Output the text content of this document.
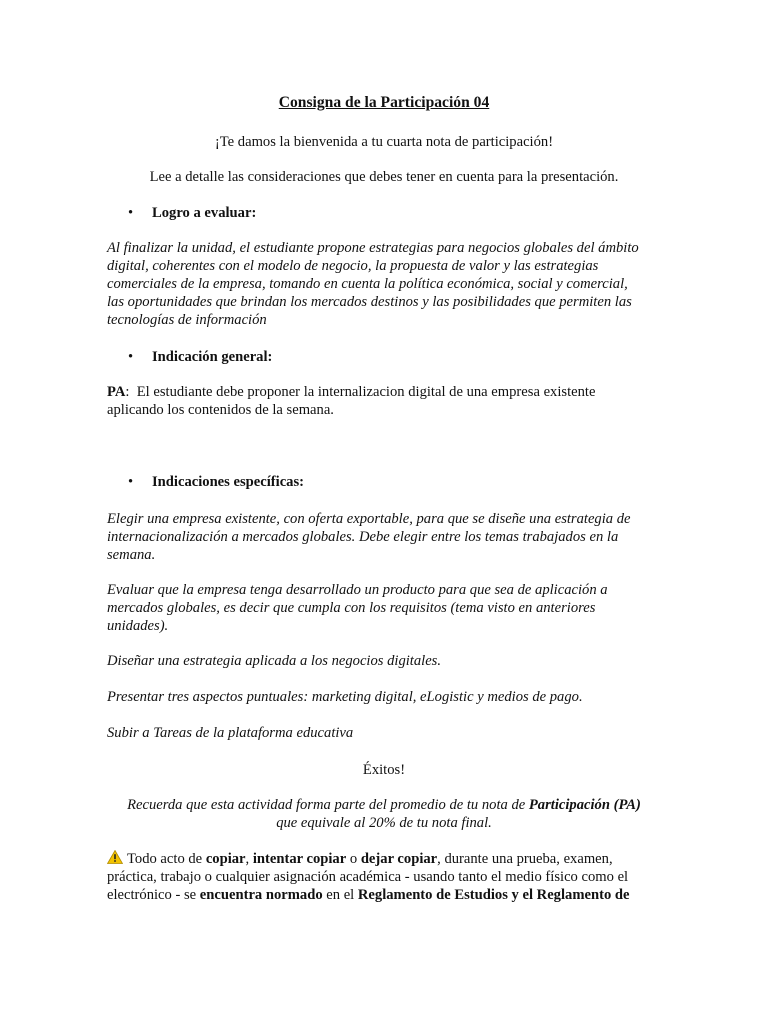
Consigna de la Participación 04

¡Te damos la bienvenida a tu cuarta nota de participación!

Lee a detalle las consideraciones que debes tener en cuenta para la presentación.

• Logro a evaluar:

Al finalizar la unidad, el estudiante propone estrategias para negocios globales del ámbito
digital, coherentes con el modelo de negocio, la propuesta de valor y las estrategias
comerciales de la empresa, tomando en cuenta la política económica, social y comercial,
las oportunidades que brindan los mercados destinos y las posibilidades que permiten las
tecnologías de información

• Indicación general:

PA: El estudiante debe proponer la internalizacion digital de una empresa existente
aplicando los contenidos de la semana.

• Indicaciones específicas:

Elegir una empresa existente, con oferta exportable, para que se diseñe una estrategia de
internacionalización a mercados globales. Debe elegir entre los temas trabajados en la
semana.
Evaluar que la empresa tenga desarrollado un producto para que sea de aplicación a
mercados globales, es decir que cumpla con los requisitos (tema visto en anteriores
unidades).

Diseñar una estrategia aplicada a los negocios digitales.

Presentar tres aspectos puntuales: marketing digital, eLogistic y medios de pago.

Subir a Tareas de la plataforma educativa

Éxitos!

Recuerda que esta actividad forma parte del promedio de tu nota de Participación (PA)
que equivale al 20% de tu nota final.
Todo acto de copiar, intentar copiar o dejar copiar, durante una prueba, examen,
práctica, trabajo o cualquier asignación académica - usando tanto el medio físico como el
electrónico - se encuentra normado en el Reglamento de Estudios y el Reglamento de
